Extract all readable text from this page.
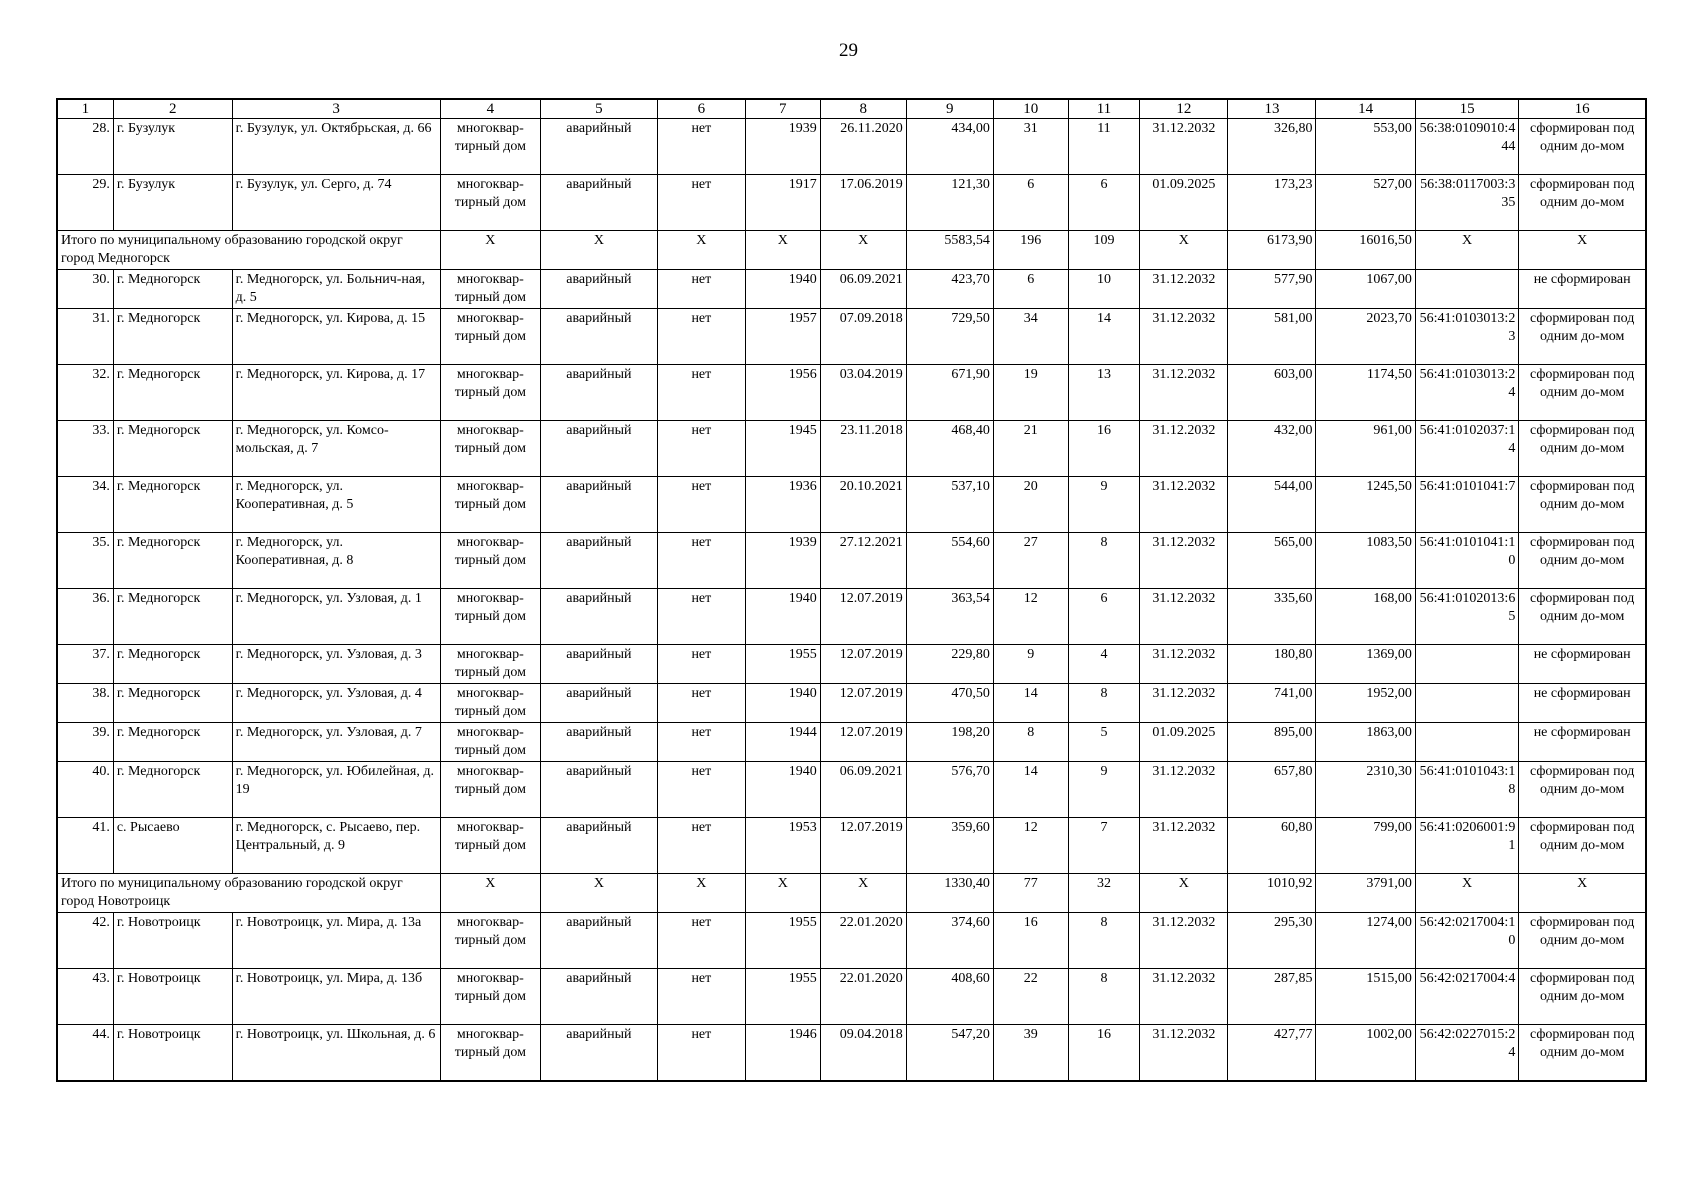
29
1	2	3	4	5	6	7	8	9	10	11	12	13	14	15	16
28.	г. Бузулук	г. Бузулук, ул. Октябрьская, д. 66	многоквар-тирный дом	аварийный	нет	1939	26.11.2020	434,00	31	11	31.12.2032	326,80	553,00	56:38:0109010:444	сформирован под одним до-мом
29.	г. Бузулук	г. Бузулук, ул. Серго, д. 74	многоквар-тирный дом	аварийный	нет	1917	17.06.2019	121,30	6	6	01.09.2025	173,23	527,00	56:38:0117003:335	сформирован под одним до-мом
Итого по муниципальному образованию городской округ город Медногорск			X	X	X	X	X	5583,54	196	109	X	6173,90	16016,50	X	X
30.	г. Медногорск	г. Медногорск, ул. Больнич-ная, д. 5	многоквар-тирный дом	аварийный	нет	1940	06.09.2021	423,70	6	10	31.12.2032	577,90	1067,00		не сформирован
31.	г. Медногорск	г. Медногорск, ул. Кирова, д. 15	многоквар-тирный дом	аварийный	нет	1957	07.09.2018	729,50	34	14	31.12.2032	581,00	2023,70	56:41:0103013:23	сформирован под одним до-мом
32.	г. Медногорск	г. Медногорск, ул. Кирова, д. 17	многоквар-тирный дом	аварийный	нет	1956	03.04.2019	671,90	19	13	31.12.2032	603,00	1174,50	56:41:0103013:24	сформирован под одним до-мом
33.	г. Медногорск	г. Медногорск, ул. Комсо-мольская, д. 7	многоквар-тирный дом	аварийный	нет	1945	23.11.2018	468,40	21	16	31.12.2032	432,00	961,00	56:41:0102037:14	сформирован под одним до-мом
34.	г. Медногорск	г. Медногорск, ул. Кооперативная, д. 5	многоквар-тирный дом	аварийный	нет	1936	20.10.2021	537,10	20	9	31.12.2032	544,00	1245,50	56:41:0101041:7	сформирован под одним до-мом
35.	г. Медногорск	г. Медногорск, ул. Кооперативная, д. 8	многоквар-тирный дом	аварийный	нет	1939	27.12.2021	554,60	27	8	31.12.2032	565,00	1083,50	56:41:0101041:10	сформирован под одним до-мом
36.	г. Медногорск	г. Медногорск, ул. Узловая, д. 1	многоквар-тирный дом	аварийный	нет	1940	12.07.2019	363,54	12	6	31.12.2032	335,60	168,00	56:41:0102013:65	сформирован под одним до-мом
37.	г. Медногорск	г. Медногорск, ул. Узловая, д. 3	многоквар-тирный дом	аварийный	нет	1955	12.07.2019	229,80	9	4	31.12.2032	180,80	1369,00		не сформирован
38.	г. Медногорск	г. Медногорск, ул. Узловая, д. 4	многоквар-тирный дом	аварийный	нет	1940	12.07.2019	470,50	14	8	31.12.2032	741,00	1952,00		не сформирован
39.	г. Медногорск	г. Медногорск, ул. Узловая, д. 7	многоквар-тирный дом	аварийный	нет	1944	12.07.2019	198,20	8	5	01.09.2025	895,00	1863,00		не сформирован
40.	г. Медногорск	г. Медногорск, ул. Юбилейная, д. 19	многоквар-тирный дом	аварийный	нет	1940	06.09.2021	576,70	14	9	31.12.2032	657,80	2310,30	56:41:0101043:18	сформирован под одним до-мом
41.	с. Рысаево	г. Медногорск, с. Рысаево, пер. Центральный, д. 9	многоквар-тирный дом	аварийный	нет	1953	12.07.2019	359,60	12	7	31.12.2032	60,80	799,00	56:41:0206001:91	сформирован под одним до-мом
Итого по муниципальному образованию городской округ город Новотроицк			X	X	X	X	X	1330,40	77	32	X	1010,92	3791,00	X	X
42.	г. Новотроицк	г. Новотроицк, ул. Мира, д. 13а	многоквар-тирный дом	аварийный	нет	1955	22.01.2020	374,60	16	8	31.12.2032	295,30	1274,00	56:42:0217004:10	сформирован под одним до-мом
43.	г. Новотроицк	г. Новотроицк, ул. Мира, д. 13б	многоквар-тирный дом	аварийный	нет	1955	22.01.2020	408,60	22	8	31.12.2032	287,85	1515,00	56:42:0217004:4	сформирован под одним до-мом
44.	г. Новотроицк	г. Новотроицк, ул. Школьная, д. 6	многоквар-тирный дом	аварийный	нет	1946	09.04.2018	547,20	39	16	31.12.2032	427,77	1002,00	56:42:0227015:24	сформирован под одним до-мом
